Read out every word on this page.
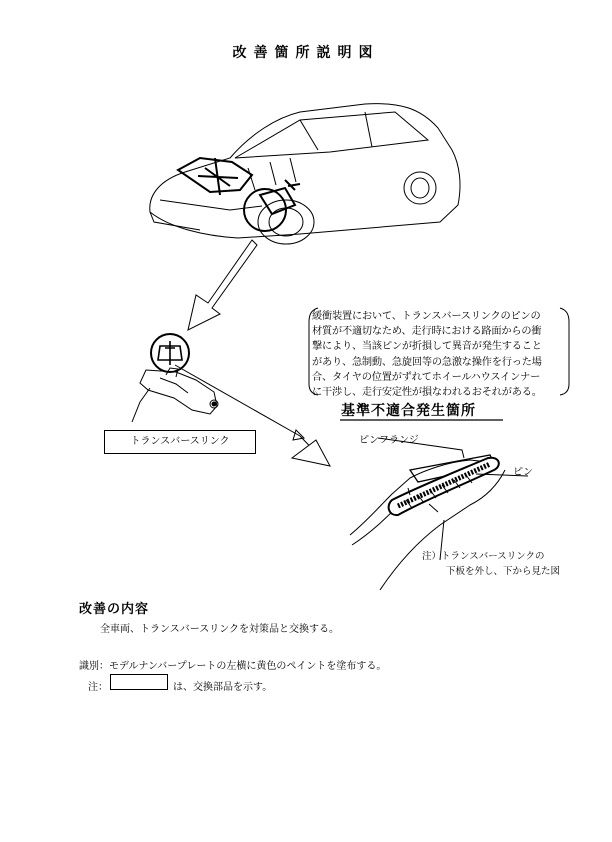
改善箇所説明図
緩衝装置において、トランスバースリンクのピンの
材質が不適切なため、走行時における路面からの衝
撃により、当該ピンが折損して異音が発生すること
があり、急制動、急旋回等の急激な操作を行った場
合、タイヤの位置がずれてホイールハウスインナー
に干渉し、走行安定性が損なわれるおそれがある。
基準不適合発生箇所
ピンフランジ
ピン
注）トランスバースリンクの
下板を外し、下から見た図
トランスバースリンク
改善の内容
全車両、トランスバースリンクを対策品と交換する。
識別：モデルナンバープレートの左横に黄色のペイントを塗布する。
注：	は、交換部品を示す。
